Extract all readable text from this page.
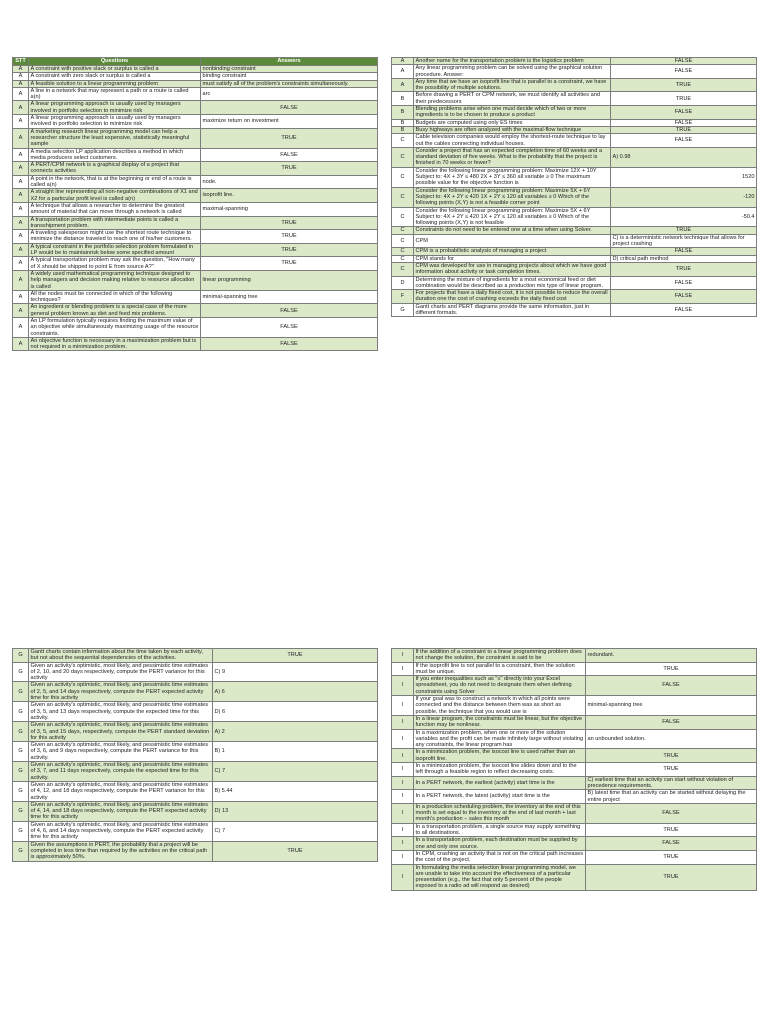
STT	Questions	Answers
A	A constraint with positive slack or surplus is called a	nonbinding constraint
A	A constraint with zero slack or surplus is called a	binding constraint
A	A feasible solution to a linear programming problem	must satisfy all of the problem's constraints simultaneously.
A	A line in a network that may represent a path or a route is called a(n)	arc
A	A linear programming approach is usually used by managers involved in portfolio selection to minimize risk	FALSE
A	A linear programming approach is usually used by managers involved in portfolio selection to minimize risk	maximize return on investment
A	A marketing research linear programming model can help a researcher structure the least expensive, statistically meaningful sample	TRUE
A	A media selection LP application describes a method in which media producers select customers.	FALSE
A	A PERT/CPM network is a graphical display of a project that connects activities	TRUE
A	A point in the network, that is at the beginning or end of a route is called a(n)	node.
A	A straight line representing all non-negative combinations of X1 and X2 for a particular profit level is called a(n)	isoprofit line.
A	A technique that allows a researcher to determine the greatest amount of material that can move through a network is called	maximal-spanning
A	A transportation problem with intermediate points is called a transshipment problem.	TRUE
A	A traveling salesperson might use the shortest route technique to minimize the distance traveled to reach one of his/her customers.	TRUE
A	A typical constraint in the portfolio selection problem formulated in LP would be to maintainrisk below some specified amount	TRUE
A	A typical transportation problem may ask the question, "How many of X should be shipped to point E from source A?"	TRUE
A	A widely used mathematical programming technique designed to help managers and decision making relative to resource allocation is called	linear programming
A	All the nodes must be connected in which of the following techniques?	minimal-spanning tree
A	An ingredient or blending problem is a special case of the more general problem known as diet and feed mix problems.	FALSE
A	An LP formulation typically requires finding the maximum value of an objective while simultaneously maximizing usage of the resource constraints.	FALSE
A	An objective function is necessary in a maximization problem but is not required in a minimization problem.	FALSE
A	Another name for the transportation problem is the logistics problem	FALSE
A	Any linear programming problem can be solved using the graphical solution procedure. Answer:	FALSE
A	Any time that we have an isoprofit line that is parallel to a constraint, we have the possibility of multiple solutions.	TRUE
B	Before drawing a PERT or CPM network, we must identify all activities and their predecessors	TRUE
B	Blending problems arise when one must decide which of two or more ingredients is to be chosen to produce a product	FALSE
B	Budgets are computed using only ES times	FALSE
B	Busy highways are often analyzed with the maximal-flow technique	TRUE
C	Cable television companies would employ the shortest-route technique to lay out the cables connecting individual houses.	FALSE
C	Consider a project that has an expected completion time of 60 weeks and a standard deviation of five weeks. What is the probability that the project is finished in 70 weeks or fewer?	A) 0.98
C	Consider the following linear programming problem: Maximize 12X + 10Y Subject to: 4X + 3Y ≤ 480 2X + 3Y ≤ 360 all variable ≥ 0 The maximum possible value for the objective function is	1520
C	Consider the following linear programming problem: Maximize 5X + 6Y Subject to: 4X + 2Y ≤ 420 1X + 2Y ≤ 120 all variables ≥ 0 Which of the following points (X,Y) is not a feasible corner point	-120
C	Consider the following linear programming problem: Maximize 5X + 6Y Subject to: 4X + 2Y ≤ 420 1X + 2Y ≤ 120 all variables ≥ 0 Which of the following points (X,Y) is not feasible	-50.4
C	Constraints do not need to be entered one at a time when using Solver.	TRUE
C	CPM	C) is a deterministic network technique that allows for project crashing
C	CPM is a probabilistic analysis of managing a project	FALSE
C	CPM stands for	D) critical path method
C	CPM was developed for use in managing projects about which we have good information about activity or task completion times.	TRUE
D	Determining the mixture of ingredients for a most economical feed or diet combination would be described as a production mix type of linear program.	FALSE
F	For projects that have a daily fixed cost, it is not possible to reduce the overall duration one the cost of crashing exceeds the daily fixed cost	FALSE
G	Gantt charts and PERT diagrams provide the same information, just in different formats.	FALSE
G	Gantt charts contain information about the time taken by each activity, but not about the sequential dependencies of the activities.	TRUE
G	Given an activity's optimistic, most likely, and pessimistic time estimates of 2, 10, and 20 days respectively, compute the PERT variance for this activity	C) 9
G	Given an activity's optimistic, most likely, and pessimistic time estimates of 2, 5, and 14 days respectively, compute the PERT expected activity time for this activity	A) 6
G	Given an activity's optimistic, most likely, and pessimistic time estimates of 3, 5, and 13 days respectively, compute the expected time for this activity.	D) 6
G	Given an activity's optimistic, most likely, and pessimistic time estimates of 3, 5, and 15 days, respectively, compute the PERT standard deviation for this activity	A) 2
G	Given an activity's optimistic, most likely, and pessimistic time estimates of 3, 6, and 9 days respectively, compute the PERT variance for this activity.	B) 1
G	Given an activity's optimistic, most likely, and pessimistic time estimates of 3, 7, and 11 days respectively, compute the expected time for this activity.	C) 7
G	Given an activity's optimistic, most likely, and pessimistic time estimates of 4, 12, and 18 days respectively, compute the PERT variance for this activity	B) 5.44
G	Given an activity's optimistic, most likely, and pessimistic time estimates of 4, 14, and 18 days respectively, compute the PERT expected activity time for this activity	D) 13
G	Given an activity's optimistic, most likely, and pessimistic time estimates of 4, 6, and 14 days respectively, compute the PERT expected activity time for this activity	C) 7
G	Given the assumptions in PERT, the probability that a project will be completed in less time than required by the activities on the critical path is approximately 50%.	TRUE
I	If the addition of a constraint to a linear programming problem does not change the solution, the constraint is said to be	redundant.
I	If the isoprofit line is not parallel to a constraint, then the solution must be unique.	TRUE
I	If you enter inequalities such as "≤" directly into your Excel spreadsheet, you do not need to designate them when defining constraints using Solver	FALSE
I	If your goal was to construct a network in which all points were connected and the distance between them was as short as possible, the technique that you would use is	minimal-spanning tree
I	In a linear program, the constraints must be linear, but the objective function may be nonlinear.	FALSE
I	In a maximization problem, when one or more of the solution variables and the profit can be made infinitely large without violating any constraints, the linear program has	an unbounded solution.
I	In a minimization problem, the isocost line is used rather than an isoprofit line.	TRUE
I	In a minimization problem, the isocost line slides down and to the left through a feasible region to reflect decreasing costs.	TRUE
I	In a PERT network, the earliest (activity) start time is the	C) earliest time that an activity can start without violation of precedence requirements.
I	In a PERT network, the latest (activity) start time is the	B) latest time that an activity can be started without delaying the entire project
I	In a production scheduling problem, the inventory at the end of this month is set equal to the inventory at the end of last month + last month's production − sales this month	FALSE
I	In a transportation problem, a single source may supply something to all destinations.	TRUE
I	In a transportation problem, each destination must be supplied by one and only one source.	FALSE
I	In CPM, crashing an activity that is not on the critical path increases the cost of the project.	TRUE
I	In formulating the media selection linear programming model, we are unable to take into account the effectiveness of a particular presentation (e.g., the fact that only 5 percent of the people exposed to a radio ad will respond as desired)	TRUE
